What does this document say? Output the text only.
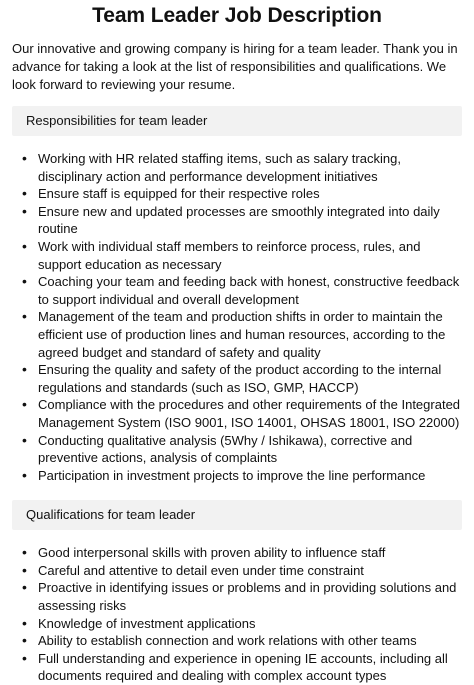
Team Leader Job Description

Our innovative and growing company is hiring for a team leader. Thank you in advance for taking a look at the list of responsibilities and qualifications. We look forward to reviewing your resume.

Responsibilities for team leader
• Working with HR related staffing items, such as salary tracking, disciplinary action and performance development initiatives
• Ensure staff is equipped for their respective roles
• Ensure new and updated processes are smoothly integrated into daily routine
• Work with individual staff members to reinforce process, rules, and support education as necessary
• Coaching your team and feeding back with honest, constructive feedback to support individual and overall development
• Management of the team and production shifts in order to maintain the efficient use of production lines and human resources, according to the agreed budget and standard of safety and quality
• Ensuring the quality and safety of the product according to the internal regulations and standards (such as ISO, GMP, HACCP)
• Compliance with the procedures and other requirements of the Integrated Management System (ISO 9001, ISO 14001, OHSAS 18001, ISO 22000)
• Conducting qualitative analysis (5Why / Ishikawa), corrective and preventive actions, analysis of complaints
• Participation in investment projects to improve the line performance
Qualifications for team leader
• Good interpersonal skills with proven ability to influence staff
• Careful and attentive to detail even under time constraint
• Proactive in identifying issues or problems and in providing solutions and assessing risks
• Knowledge of investment applications
• Ability to establish connection and work relations with other teams
• Full understanding and experience in opening IE accounts, including all documents required and dealing with complex account types
